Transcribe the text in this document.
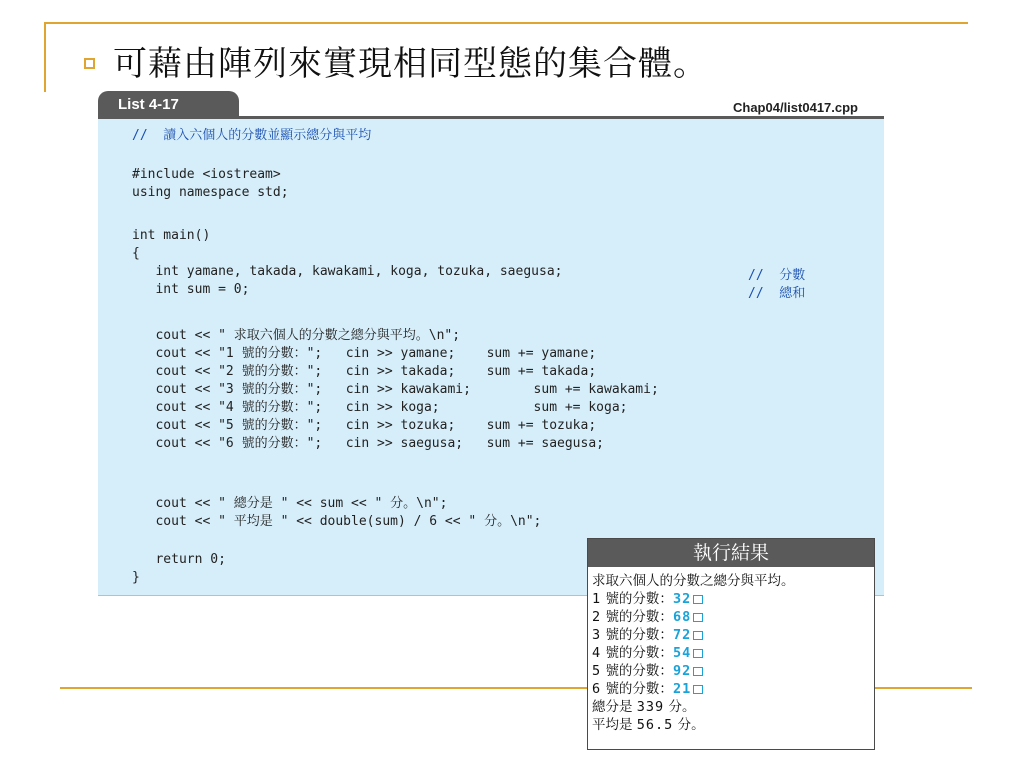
可藉由陣列來實現相同型態的集合體。
List 4-17	Chap04/list0417.cpp
//  讀入六個人的分數並顯示總分與平均
#include <iostream>
using namespace std;
int main()
{
int yamane, takada, kawakami, koga, tozuka, saegusa;
int sum = 0;
//  分數
//  總和
cout << " 求取六個人的分數之總分與平均。\n";
cout << "1 號的分數：";   cin >> yamane;    sum += yamane;
cout << "2 號的分數：";   cin >> takada;    sum += takada;
cout << "3 號的分數：";   cin >> kawakami;        sum += kawakami;
cout << "4 號的分數：";   cin >> koga;            sum += koga;
cout << "5 號的分數：";   cin >> tozuka;    sum += tozuka;
cout << "6 號的分數：";   cin >> saegusa;   sum += saegusa;
cout << " 總分是 " << sum << " 分。\n";
cout << " 平均是 " << double(sum) / 6 << " 分。\n";
return 0;
}
執行結果
求取六個人的分數之總分與平均。
1 號的分數：32
2 號的分數：68
3 號的分數：72
4 號的分數：54
5 號的分數：92
6 號的分數：21
總分是 339 分。
平均是 56.5 分。
